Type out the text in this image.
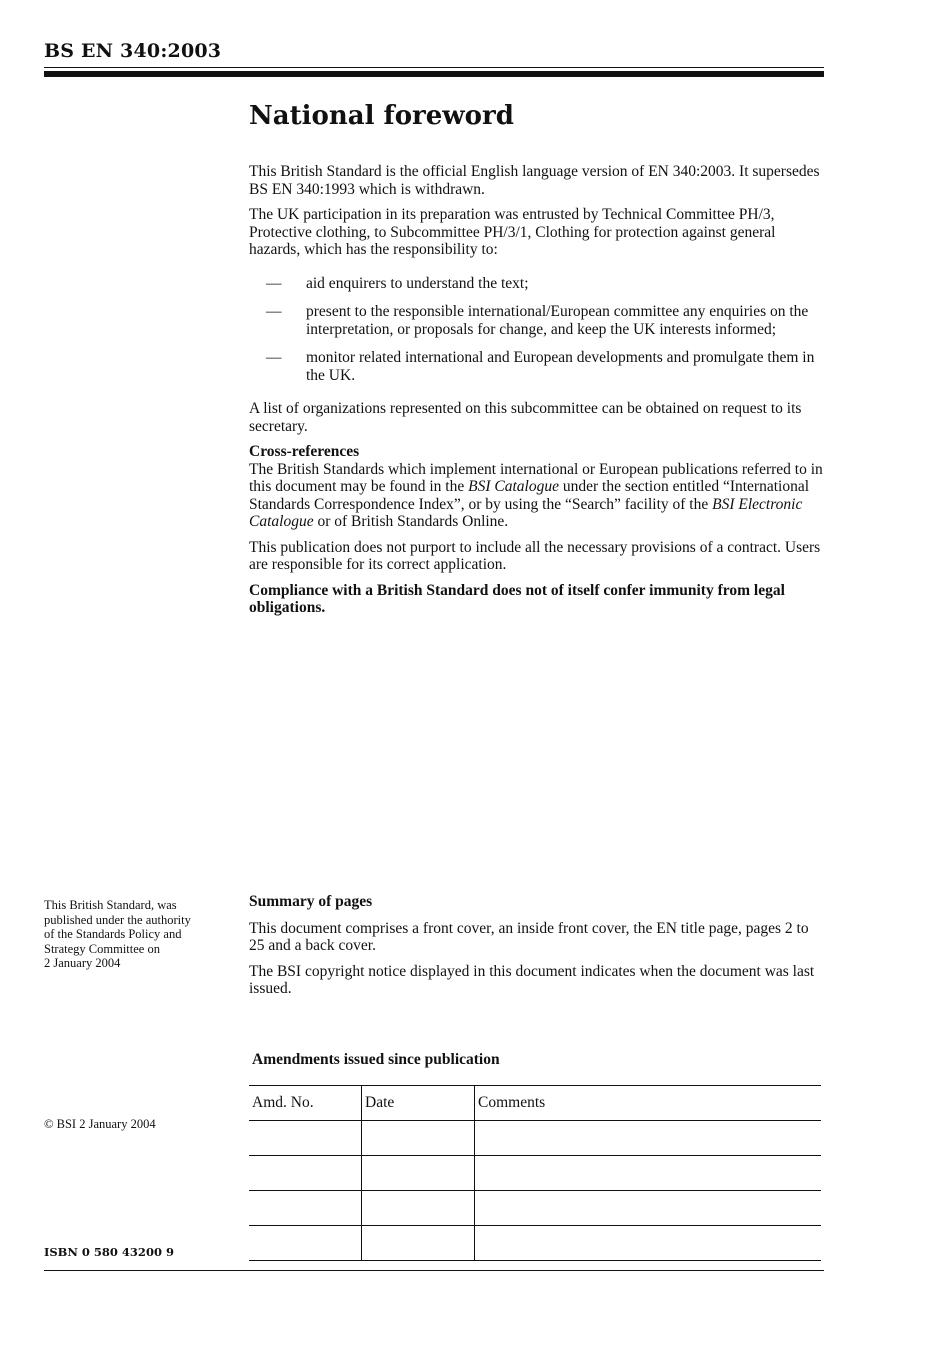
BS EN 340:2003
National foreword

This British Standard is the official English language version of EN 340:2003. It supersedes BS EN 340:1993 which is withdrawn.

The UK participation in its preparation was entrusted by Technical Committee PH/3, Protective clothing, to Subcommittee PH/3/1, Clothing for protection against general hazards, which has the responsibility to:

— aid enquirers to understand the text;
— present to the responsible international/European committee any enquiries on the interpretation, or proposals for change, and keep the UK interests informed;
— monitor related international and European developments and promulgate them in the UK.

A list of organizations represented on this subcommittee can be obtained on request to its secretary.

Cross-references

The British Standards which implement international or European publications referred to in this document may be found in the BSI Catalogue under the section entitled “International Standards Correspondence Index”, or by using the “Search” facility of the BSI Electronic Catalogue or of British Standards Online.

This publication does not purport to include all the necessary provisions of a contract. Users are responsible for its correct application.

Compliance with a British Standard does not of itself confer immunity from legal obligations.

This British Standard, was
published under the authority
of the Standards Policy and
Strategy Committee on
2 January 2004
Summary of pages

This document comprises a front cover, an inside front cover, the EN title page, pages 2 to 25 and a back cover.

The BSI copyright notice displayed in this document indicates when the document was last issued.

Amendments issued since publication
Amd. No.	Date	Comments

© BSI 2 January 2004
ISBN 0 580 43200 9
